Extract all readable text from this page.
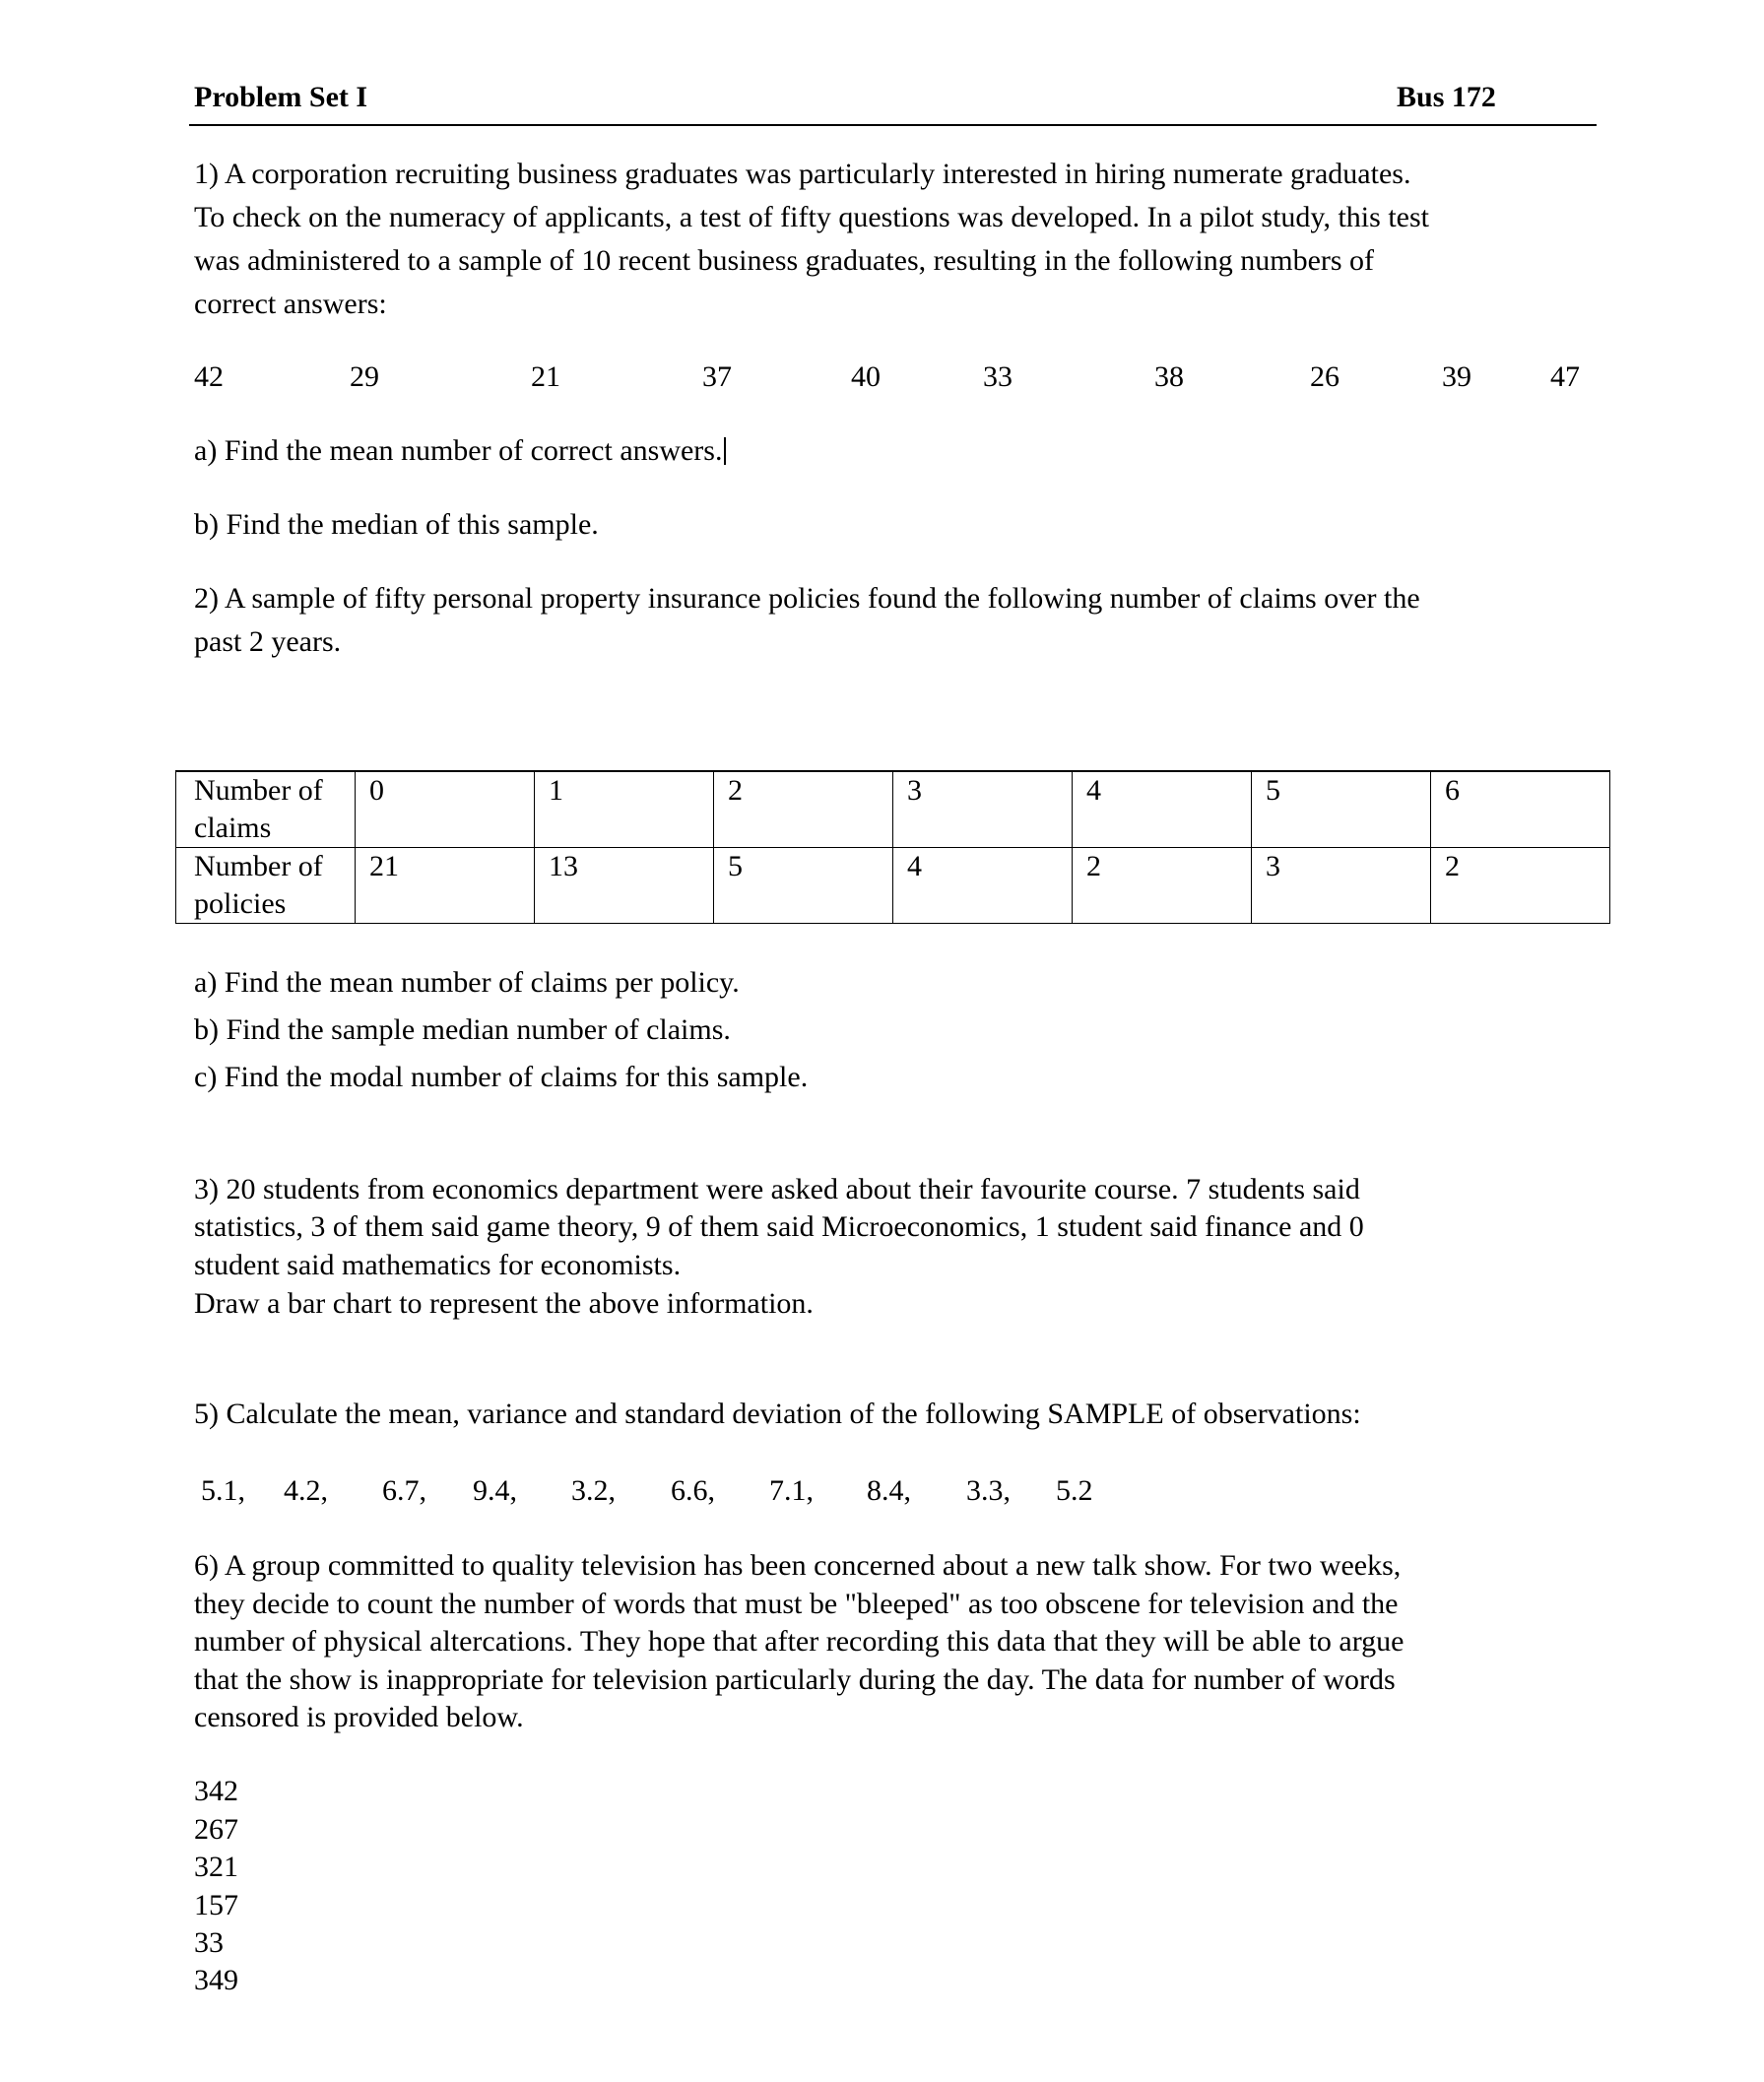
Problem Set I	Bus 172
1) A corporation recruiting business graduates was particularly interested in hiring numerate graduates.
To check on the numeracy of applicants, a test of fifty questions was developed. In a pilot study, this test
was administered to a sample of 10 recent business graduates, resulting in the following numbers of
correct answers:
42	29	21	37	40	33	38	26	39	47
a) Find the mean number of correct answers.
b) Find the median of this sample.
2) A sample of fifty personal property insurance policies found the following number of claims over the
past 2 years.
Number of claims	0	1	2	3	4	5	6
Number of policies	21	13	5	4	2	3	2
a) Find the mean number of claims per policy.
b) Find the sample median number of claims.
c) Find the modal number of claims for this sample.
3) 20 students from economics department were asked about their favourite course. 7 students said
statistics, 3 of them said game theory, 9 of them said Microeconomics, 1 student said finance and 0
student said mathematics for economists.
Draw a bar chart to represent the above information.
5) Calculate the mean, variance and standard deviation of the following SAMPLE of observations:
5.1, 4.2, 6.7, 9.4, 3.2, 6.6, 7.1, 8.4, 3.3, 5.2
6) A group committed to quality television has been concerned about a new talk show. For two weeks,
they decide to count the number of words that must be "bleeped" as too obscene for television and the
number of physical altercations. They hope that after recording this data that they will be able to argue
that the show is inappropriate for television particularly during the day. The data for number of words
censored is provided below.
342
267
321
157
33
349
